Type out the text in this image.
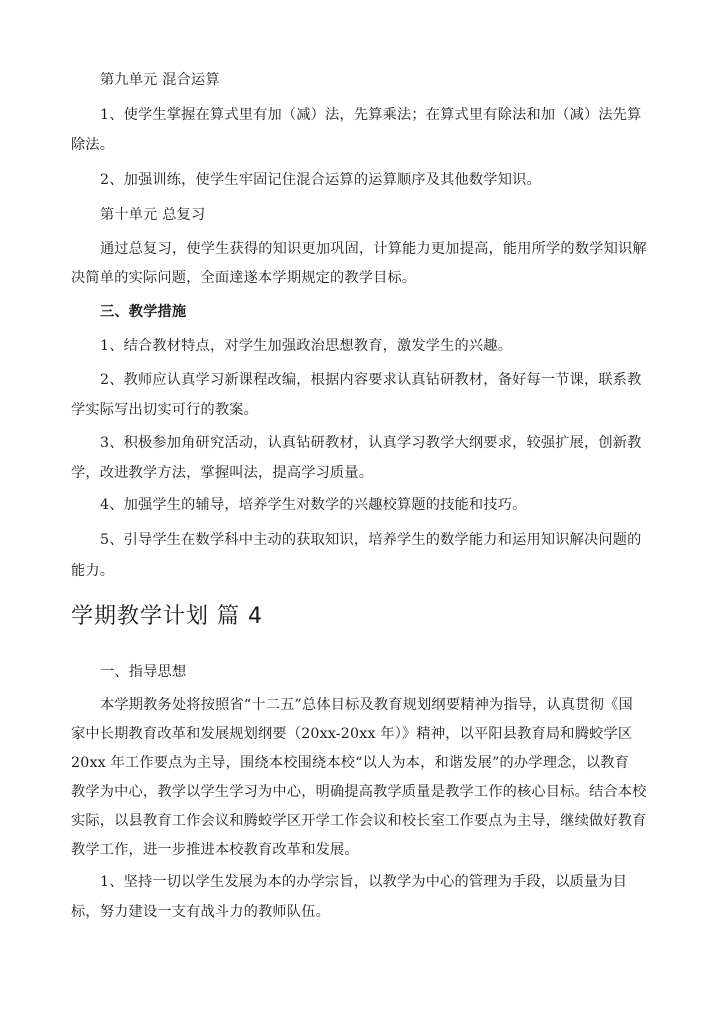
第九单元 混合运算
1、使学生掌握在算式里有加（减）法，先算乘法；在算式里有除法和加（减）法先算
除法。
2、加强训练，使学生牢固记住混合运算的运算顺序及其他数学知识。
第十单元 总复习
通过总复习，使学生获得的知识更加巩固，计算能力更加提高，能用所学的数学知识解
决简单的实际问题，全面達遂本学期规定的教学目标。
三、教学措施
1、结合教材特点，对学生加强政治思想教育，激发学生的兴趣。
2、教师应认真学习新课程改编，根据内容要求认真钻研教材，备好每一节课，联系教
学实际写出切实可行的教案。
3、积极参加角研究活动，认真钻研教材，认真学习教学大纲要求，较强扩展，创新教
学，改进教学方法，掌握叫法，提高学习质量。
4、加强学生的辅导，培养学生对数学的兴趣校算题的技能和技巧。
5、引导学生在数学科中主动的获取知识，培养学生的数学能力和运用知识解决问题的
能力。
学期教学计划 篇 4
一、指导思想
本学期教务处将按照省“十二五”总体目标及教育规划纲要精神为指导，认真贯彻《国
家中长期教育改革和发展规划纲要（20xx-20xx 年）》精神，以平阳县教育局和腾蛟学区
20xx 年工作要点为主导，围绕本校围绕本校“以人为本，和谐发展”的办学理念，以教育
教学为中心，教学以学生学习为中心，明确提高教学质量是教学工作的核心目标。结合本校
实际，以县教育工作会议和腾蛟学区开学工作会议和校长室工作要点为主导，继续做好教育
教学工作，进一步推进本校教育改革和发展。
1、坚持一切以学生发展为本的办学宗旨，以教学为中心的管理为手段，以质量为目
标，努力建设一支有战斗力的教师队伍。
